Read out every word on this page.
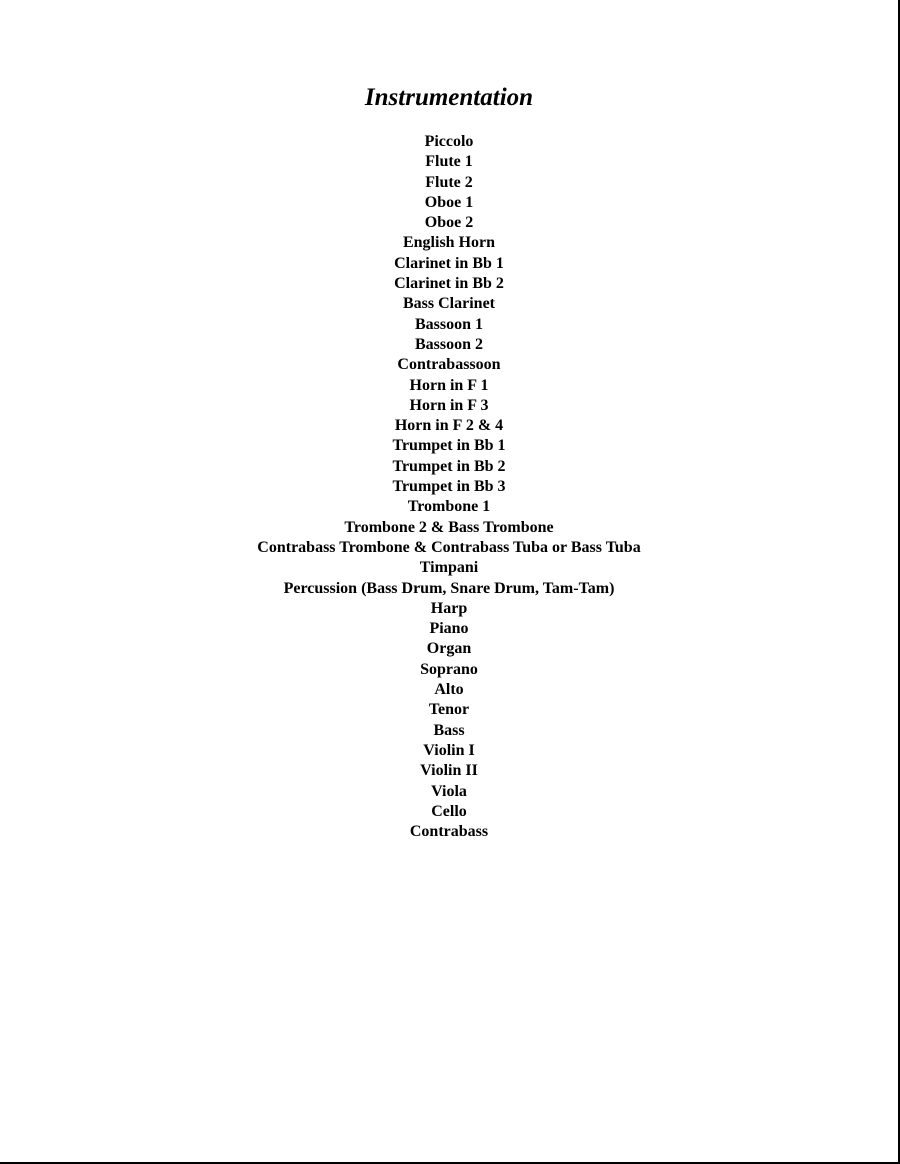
Instrumentation
Piccolo
Flute 1
Flute 2
Oboe 1
Oboe 2
English Horn
Clarinet in Bb 1
Clarinet in Bb 2
Bass Clarinet
Bassoon 1
Bassoon 2
Contrabassoon
Horn in F 1
Horn in F 3
Horn in F 2 & 4
Trumpet in Bb 1
Trumpet in Bb 2
Trumpet in Bb 3
Trombone 1
Trombone 2 & Bass Trombone
Contrabass Trombone & Contrabass Tuba or Bass Tuba
Timpani
Percussion (Bass Drum, Snare Drum, Tam-Tam)
Harp
Piano
Organ
Soprano
Alto
Tenor
Bass
Violin I
Violin II
Viola
Cello
Contrabass
